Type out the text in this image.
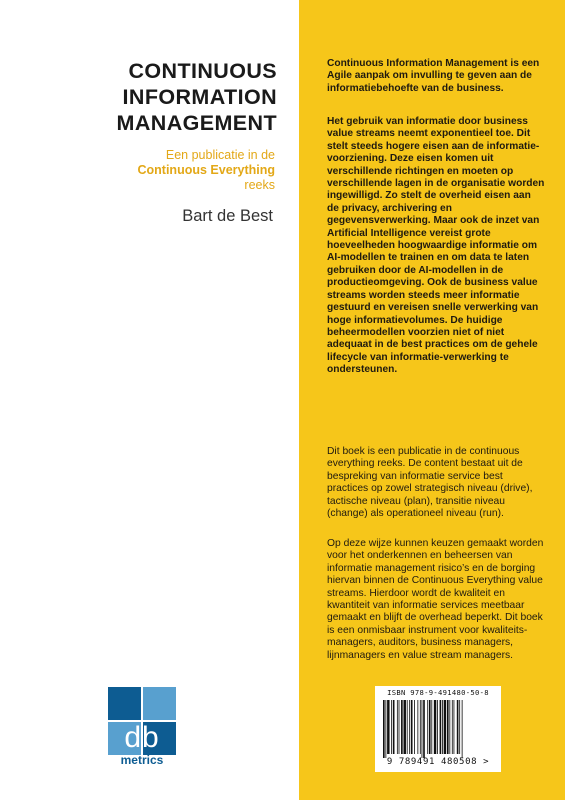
CONTINUOUS
INFORMATION
MANAGEMENT
Een publicatie in de
Continuous Everything
reeks
Bart de Best
db
metrics
Continuous Information Management is een Agile aanpak om invulling te geven aan de informatiebehoefte van de business.
Het gebruik van informatie door business value streams neemt exponentieel toe. Dit stelt steeds hogere eisen aan de informatie-voorziening. Deze eisen komen uit verschillende richtingen en moeten op verschillende lagen in de organisatie worden ingewilligd. Zo stelt de overheid eisen aan de privacy, archivering en gegevensverwerking. Maar ook de inzet van Artificial Intelligence vereist grote hoeveelheden hoogwaardige informatie om AI-modellen te trainen en om data te laten gebruiken door de AI-modellen in de productieomgeving. Ook de business value streams worden steeds meer informatie gestuurd en vereisen snelle verwerking van hoge informatievolumes. De huidige beheermodellen voorzien niet of niet adequaat in de best practices om de gehele lifecycle van informatie-verwerking te ondersteunen.
Dit boek is een publicatie in de continuous everything reeks. De content bestaat uit de bespreking van informatie service best practices op zowel strategisch niveau (drive), tactische niveau (plan), transitie niveau (change) als operationeel niveau (run).
Op deze wijze kunnen keuzen gemaakt worden voor het onderkennen en beheersen van informatie management risico’s en de borging hiervan binnen de Continuous Everything value streams. Hierdoor wordt de kwaliteit en kwantiteit van informatie services meetbaar gemaakt en blijft de overhead beperkt. Dit boek is een onmisbaar instrument voor kwaliteits-managers, auditors, business managers, lijnmanagers en value stream managers.
ISBN 978-9-491480-50-8
9 789491 480508 >
